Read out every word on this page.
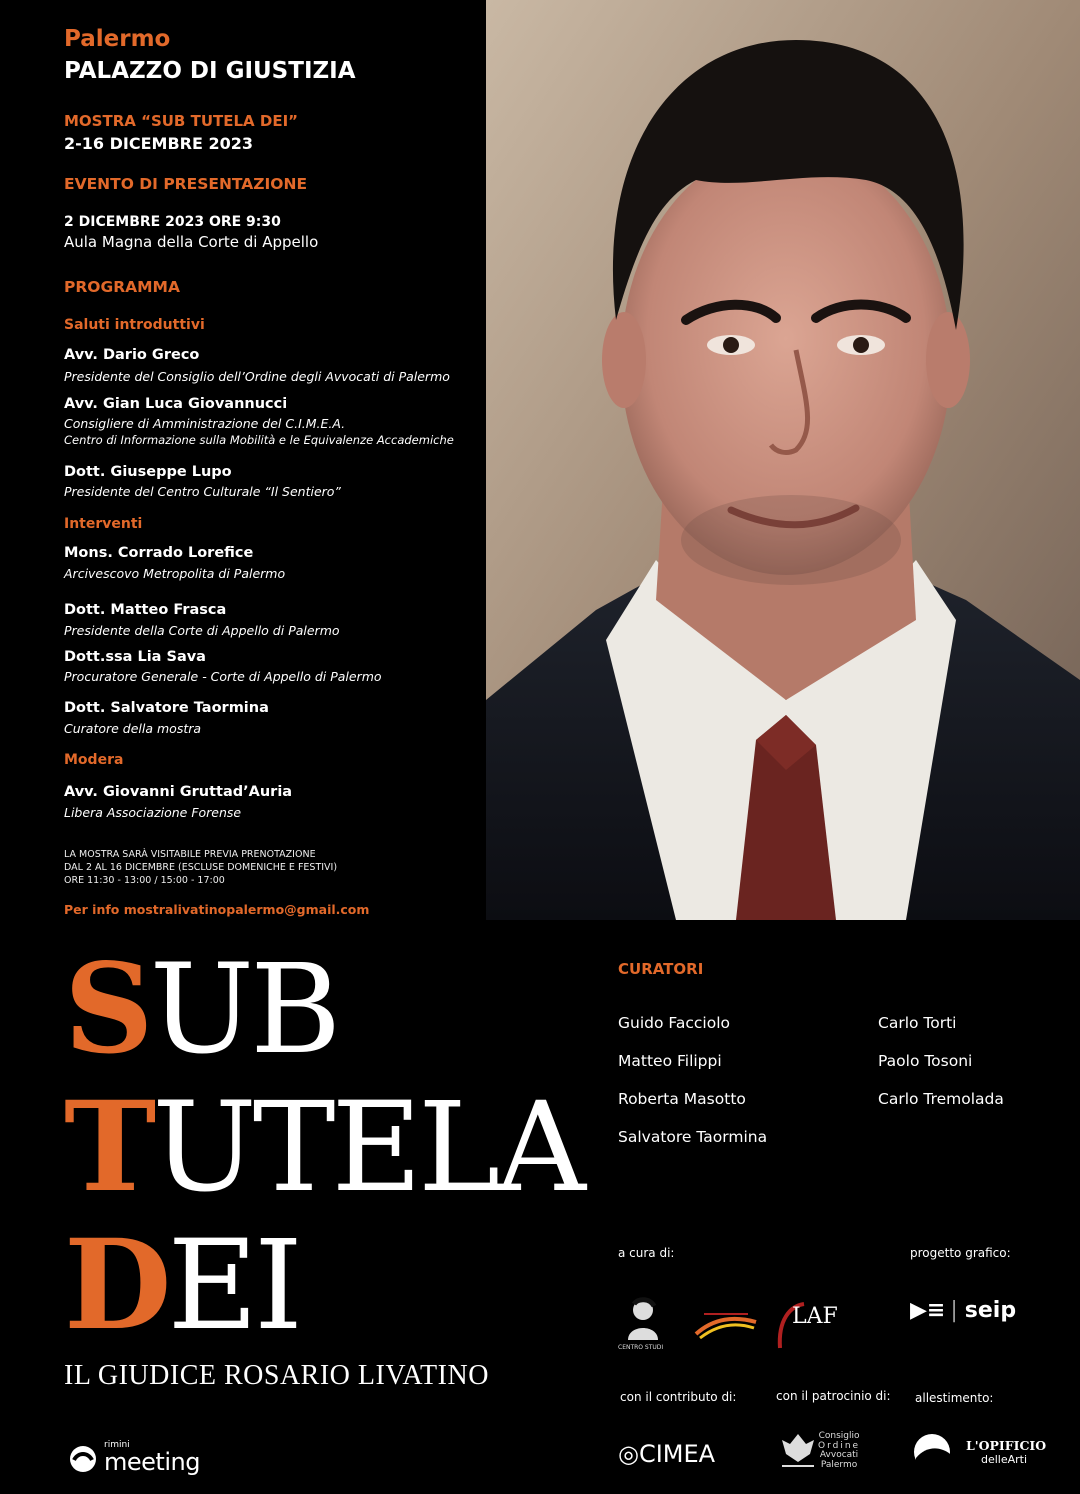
Palermo
PALAZZO DI GIUSTIZIA
MOSTRA “SUB TUTELA DEI”
2-16 DICEMBRE 2023
EVENTO DI PRESENTAZIONE
2 DICEMBRE 2023 ORE 9:30
Aula Magna della Corte di Appello
PROGRAMMA
Saluti introduttivi
Avv. Dario Greco
Presidente del Consiglio dell’Ordine degli Avvocati di Palermo
Avv. Gian Luca Giovannucci
Consigliere di Amministrazione del C.I.M.E.A.
Centro di Informazione sulla Mobilità e le Equivalenze Accademiche
Dott. Giuseppe Lupo
Presidente del Centro Culturale “Il Sentiero”
Interventi
Mons. Corrado Lorefice
Arcivescovo Metropolita di Palermo
Dott. Matteo Frasca
Presidente della Corte di Appello di Palermo
Dott.ssa Lia Sava
Procuratore Generale - Corte di Appello di Palermo
Dott. Salvatore Taormina
Curatore della mostra
Modera
Avv. Giovanni Gruttad’Auria
Libera Associazione Forense
LA MOSTRA SARÀ VISITABILE PREVIA PRENOTAZIONE
DAL 2 AL 16 DICEMBRE (ESCLUSE DOMENICHE E FESTIVI)
ORE 11:30 - 13:00 / 15:00 - 17:00
Per info mostralivatinopalermo@gmail.com
SUB
TUTELA
DEI
IL GIUDICE ROSARIO LIVATINO
CURATORI
Guido Facciolo
Matteo Filippi
Roberta Masotto
Salvatore Taormina
Carlo Torti
Paolo Tosoni
Carlo Tremolada
a cura di:	progetto grafico:
con il contributo di:	con il patrocinio di: allestimento:
CENTRO STUDI
LAF	▶≡ | seip
◎CIMEA
Consiglio
Ordine
Avvocati
Palermo
L'OPIFICIO
delleArti
rimini
meeting
